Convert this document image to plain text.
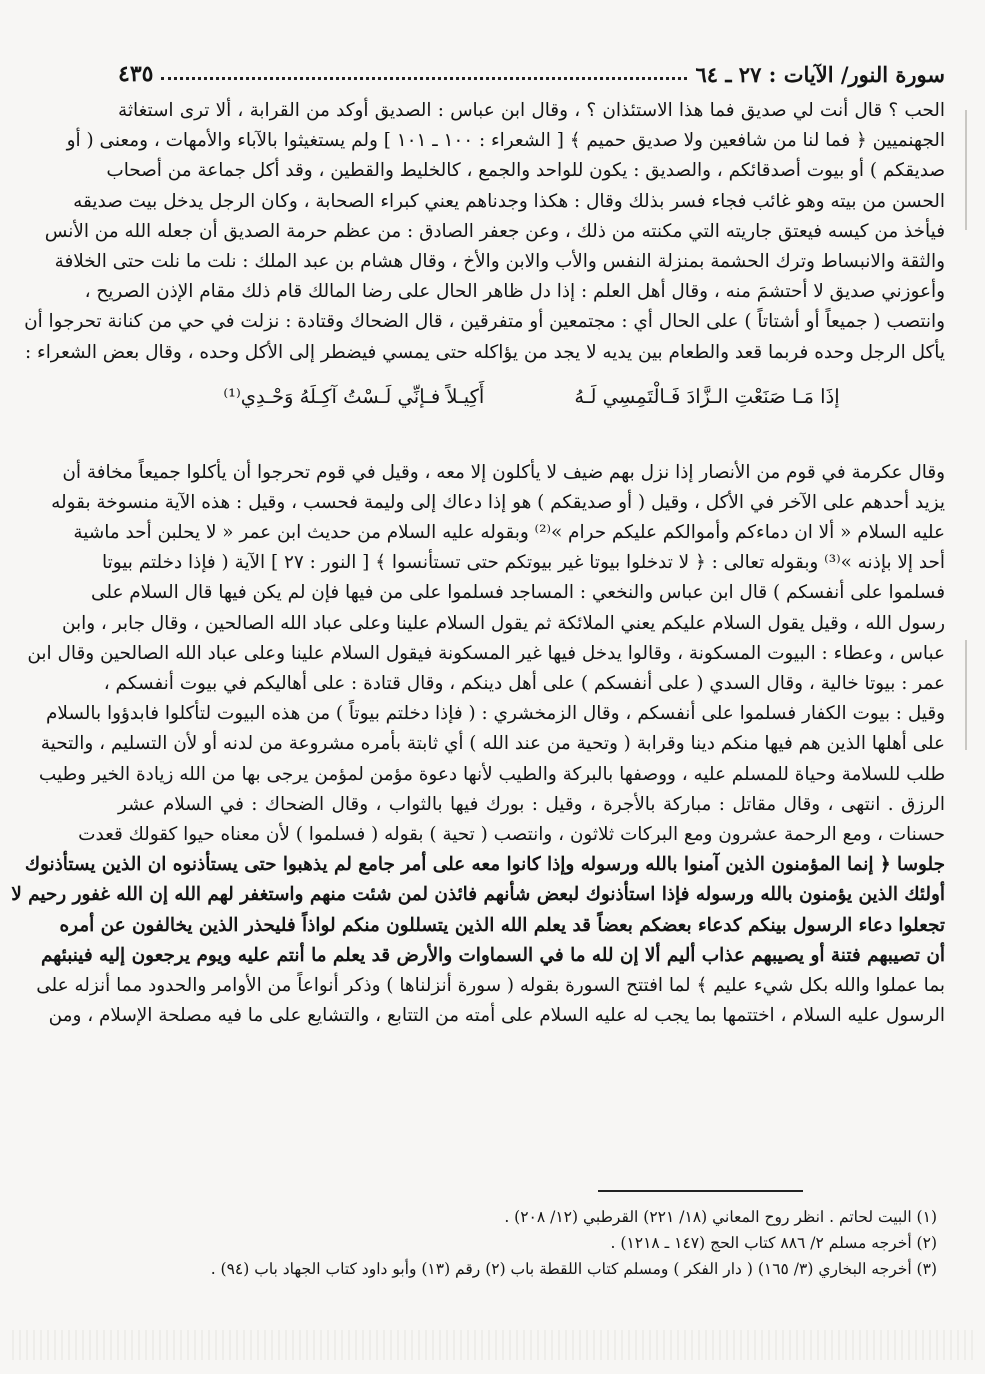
سورة النور/ الآيات : ٢٧ ـ ٦٤
٤٣٥
الحب ؟ قال أنت لي صديق فما هذا الاستئذان ؟ ، وقال ابن عباس : الصديق أوكد من القرابة ، ألا ترى استغاثة
الجهنميين ﴿ فما لنا من شافعين ولا صديق حميم ﴾ [ الشعراء : ١٠٠ ـ ١٠١ ] ولم يستغيثوا بالآباء والأمهات ، ومعنى ( أو
صديقكم ) أو بيوت أصدقائكم ، والصديق : يكون للواحد والجمع ، كالخليط والقطين ، وقد أكل جماعة من أصحاب
الحسن من بيته وهو غائب فجاء فسر بذلك وقال : هكذا وجدناهم يعني كبراء الصحابة ، وكان الرجل يدخل بيت صديقه
فيأخذ من كيسه فيعتق جاريته التي مكنته من ذلك ، وعن جعفر الصادق : من عظم حرمة الصديق أن جعله الله من الأنس
والثقة والانبساط وترك الحشمة بمنزلة النفس والأب والابن والأخ ، وقال هشام بن عبد الملك : نلت ما نلت حتى الخلافة
وأعوزني صديق لا أحتشمَ منه ، وقال أهل العلم : إذا دل ظاهر الحال على رضا المالك قام ذلك مقام الإذن الصريح ،
وانتصب ( جميعاً أو أشتاتاً ) على الحال أي : مجتمعين أو متفرقين ، قال الضحاك وقتادة : نزلت في حي من كنانة تحرجوا أن
يأكل الرجل وحده فربما قعد والطعام بين يديه لا يجد من يؤاكله حتى يمسي فيضطر إلى الأكل وحده ، وقال بعض الشعراء :
إذَا مَـا صَنَعْتِ الـزَّادَ فَـالْتَمِسِي لَـهُ
أَكِيـلاً فـإنِّي لَـسْتُ آكِـلَهُ وَحْـدِي⁽¹⁾
وقال عكرمة في قوم من الأنصار إذا نزل بهم ضيف لا يأكلون إلا معه ، وقيل في قوم تحرجوا أن يأكلوا جميعاً مخافة أن
يزيد أحدهم على الآخر في الأكل ، وقيل ( أو صديقكم ) هو إذا دعاك إلى وليمة فحسب ، وقيل : هذه الآية منسوخة بقوله
عليه السلام « ألا ان دماءكم وأموالكم عليكم حرام »⁽²⁾ وبقوله عليه السلام من حديث ابن عمر « لا يحلبن أحد ماشية
أحد إلا بإذنه »⁽³⁾ وبقوله تعالى : ﴿ لا تدخلوا بيوتا غير بيوتكم حتى تستأنسوا ﴾ [ النور : ٢٧ ] الآية ( فإذا دخلتم بيوتا
فسلموا على أنفسكم ) قال ابن عباس والنخعي : المساجد فسلموا على من فيها فإن لم يكن فيها قال السلام على
رسول الله ، وقيل يقول السلام عليكم يعني الملائكة ثم يقول السلام علينا وعلى عباد الله الصالحين ، وقال جابر ، وابن
عباس ، وعطاء : البيوت المسكونة ، وقالوا يدخل فيها غير المسكونة فيقول السلام علينا وعلى عباد الله الصالحين وقال ابن
عمر : بيوتا خالية ، وقال السدي ( على أنفسكم ) على أهل دينكم ، وقال قتادة : على أهاليكم في بيوت أنفسكم ،
وقيل : بيوت الكفار فسلموا على أنفسكم ، وقال الزمخشري : ( فإذا دخلتم بيوتاً ) من هذه البيوت لتأكلوا فابدؤوا بالسلام
على أهلها الذين هم فيها منكم دينا وقرابة ( وتحية من عند الله ) أي ثابتة بأمره مشروعة من لدنه أو لأن التسليم ، والتحية
طلب للسلامة وحياة للمسلم عليه ، ووصفها بالبركة والطيب لأنها دعوة مؤمن لمؤمن يرجى بها من الله زيادة الخير وطيب
الرزق . انتهى ، وقال مقاتل : مباركة بالأجرة ، وقيل : بورك فيها بالثواب ، وقال الضحاك : في السلام عشر
حسنات ، ومع الرحمة عشرون ومع البركات ثلاثون ، وانتصب ( تحية ) بقوله ( فسلموا ) لأن معناه حيوا كقولك قعدت
جلوسا ﴿ إنما المؤمنون الذين آمنوا بالله ورسوله وإذا كانوا معه على أمر جامع لم يذهبوا حتى يستأذنوه ان الذين يستأذنوك
أولئك الذين يؤمنون بالله ورسوله فإذا استأذنوك لبعض شأنهم فائذن لمن شئت منهم واستغفر لهم الله إن الله غفور رحيم لا
تجعلوا دعاء الرسول بينكم كدعاء بعضكم بعضاً قد يعلم الله الذين يتسللون منكم لواذاً فليحذر الذين يخالفون عن أمره
أن تصيبهم فتنة أو يصيبهم عذاب أليم ألا إن لله ما في السماوات والأرض قد يعلم ما أنتم عليه ويوم يرجعون إليه فينبئهم
بما عملوا والله بكل شيء عليم ﴾ لما افتتح السورة بقوله ( سورة أنزلناها ) وذكر أنواعاً من الأوامر والحدود مما أنزله على
الرسول عليه السلام ، اختتمها بما يجب له عليه السلام على أمته من التتابع ، والتشايع على ما فيه مصلحة الإسلام ، ومن
(١) البيت لحاتم . انظر روح المعاني (١٨/ ٢٢١) القرطبي (١٢/ ٢٠٨) .
(٢) أخرجه مسلم ٢/ ٨٨٦ كتاب الحج (١٤٧ ـ ١٢١٨) .
(٣) أخرجه البخاري (٣/ ١٦٥) ( دار الفكر ) ومسلم كتاب اللقطة باب (٢) رقم (١٣) وأبو داود كتاب الجهاد باب (٩٤) .
